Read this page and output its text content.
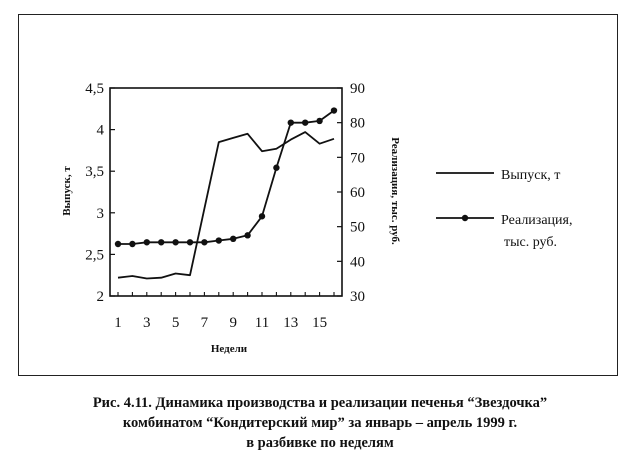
2
2,5
3
3,5
4
4,5
30
40
50
60
70
80
90
1 3 5 7 9 11 13 15
Выпуск, т	Реализация, тыс. руб.
Недели
Выпуск, т
Реализация,
тыс. руб.
Рис. 4.11. Динамика производства и реализации печенья “Звездочка”
комбинатом “Кондитерский мир” за январь – апрель 1999 г.
в разбивке по неделям
